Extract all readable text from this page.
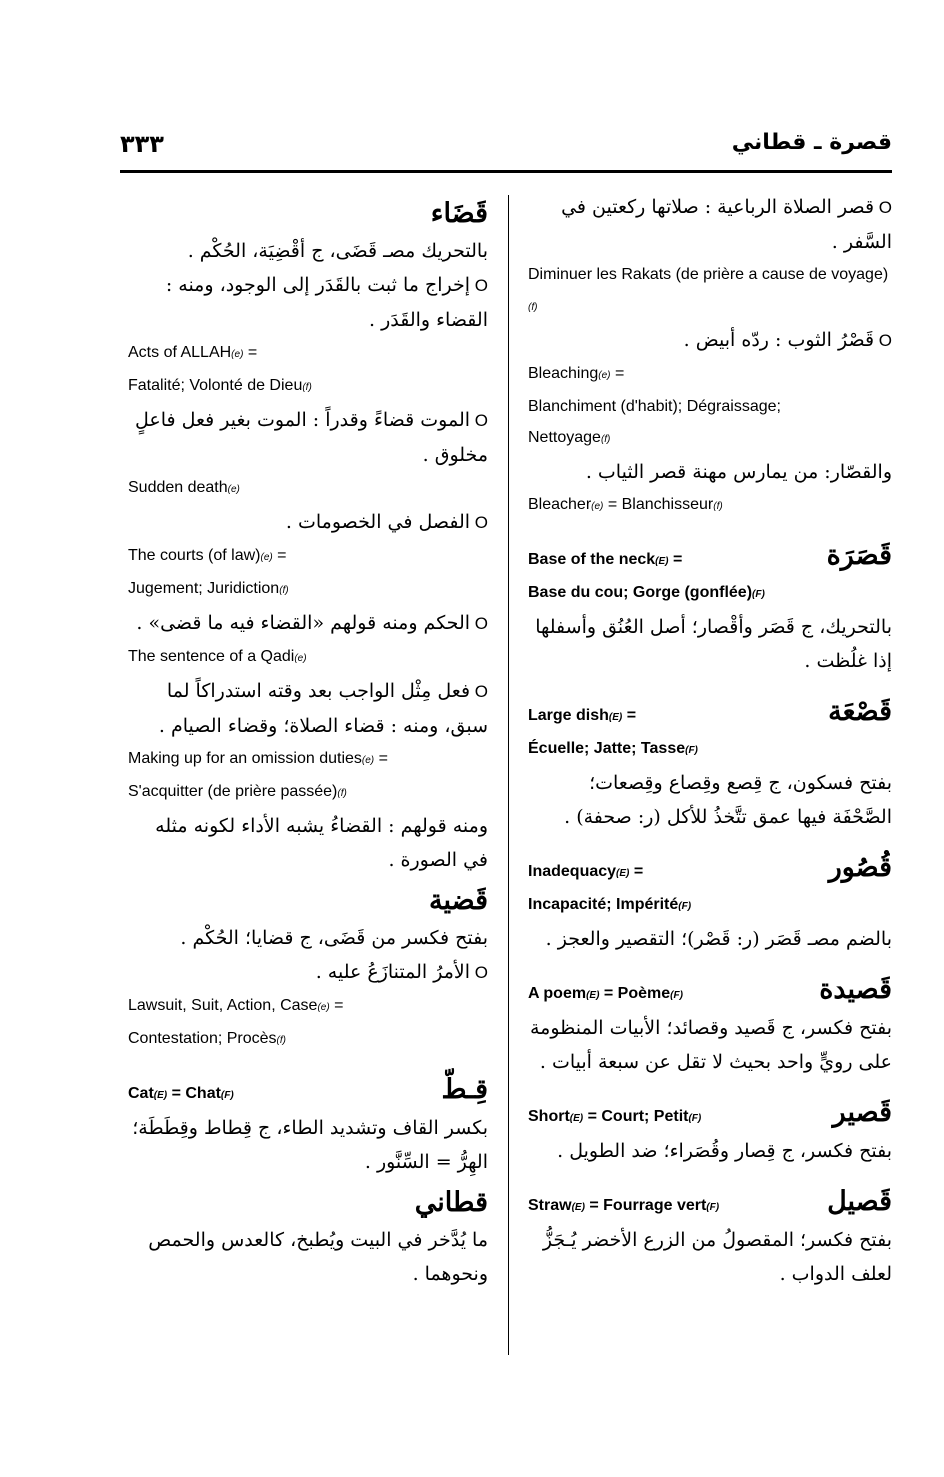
٣٣٣	قصرة ـ قطاني

O قصر الصلاة الرباعية : صلاتها ركعتين في السَّفر .

Diminuer les Rakats (de prière a cause de voyage)(f)

O قَصْرُ الثوب : ردّه أبيض .

Bleaching(e) =

Blanchiment (d'habit); Dégraissage;

Nettoyage(f)

والقصّار: من يمارس مهنة قصر الثياب .

Bleacher(e) = Blanchisseur(f)

Base of the neck(E) =	قَصَرَة

Base du cou; Gorge (gonflée)(F)

بالتحريك، ج قَصَر وأقْصار؛ أصل العُنُق وأسفلها إذا غلُظت .

Large dish(E) =	قَصْعَة

Écuelle; Jatte; Tasse(F)

بفتح فسكون، ج قِصع وقِصاع وقِصعات؛ الصَّحْفَة فيها عمق تتَّخذُ للأكل (ر: صحفة) .

Inadequacy(E) =	قُصُور

Incapacité; Impérité(F)

بالضم مصـ قَصَر (ر: قَصْر)؛ التقصير والعجز .

A poem(E) = Poème(F)	قَصيدة

بفتح فكسر، ج قَصيد وقصائد؛ الأبيات المنظومة على رويٍّ واحد بحيث لا تقل عن سبعة أبيات .

Short(E) = Court; Petit(F)	قَصير

بفتح فكسر، ج قِصار وقُصَراء؛ ضد الطويل .

Straw(E) = Fourrage vert(F)	قَصيل

بفتح فكسر؛ المقصولُ من الزرع الأخضر يُـجَزُّ لعلف الدواب .

قَضَاء

بالتحريك مصـ قَضَى، ج أقْضِيَة، الحُكْم .

O إخراج ما ثبت بالقَدَر إلى الوجود، ومنه : القضاء والقَدَر .

Acts of ALLAH(e) =

Fatalité; Volonté de Dieu(f)

O الموت قضاءً وقدراً : الموت بغير فعل فاعلٍ مخلوق .

Sudden death(e)

O الفصل في الخصومات .

The courts (of law)(e) =

Jugement; Juridiction(f)

O الحكم ومنه قولهم «القضاء فيه ما قضى» .

The sentence of a Qadi(e)

O فعل مِثْل الواجب بعد وقته استدراكاً لما سبق، ومنه : قضاء الصلاة؛ وقضاء الصيام .

Making up for an omission duties(e) =

S'acquitter (de prière passée)(f)

ومنه قولهم : القضاءُ يشبه الأداء لكونه مثله في الصورة .

قَضية

بفتح فكسر من قَضَى، ج قضايا؛ الحُكْم .

O الأمرُ المتنازَعُ عليه .

Lawsuit, Suit, Action, Case(e) =

Contestation; Procès(f)

Cat(E) = Chat(F)	قِـطّ

بكسر القاف وتشديد الطاء، ج قِطاط وقِطَطَة؛ الهِرُّ = السِّنَّور .

قطاني

ما يُدَّخر في البيت ويُطبخ، كالعدس والحمص ونحوهما .
